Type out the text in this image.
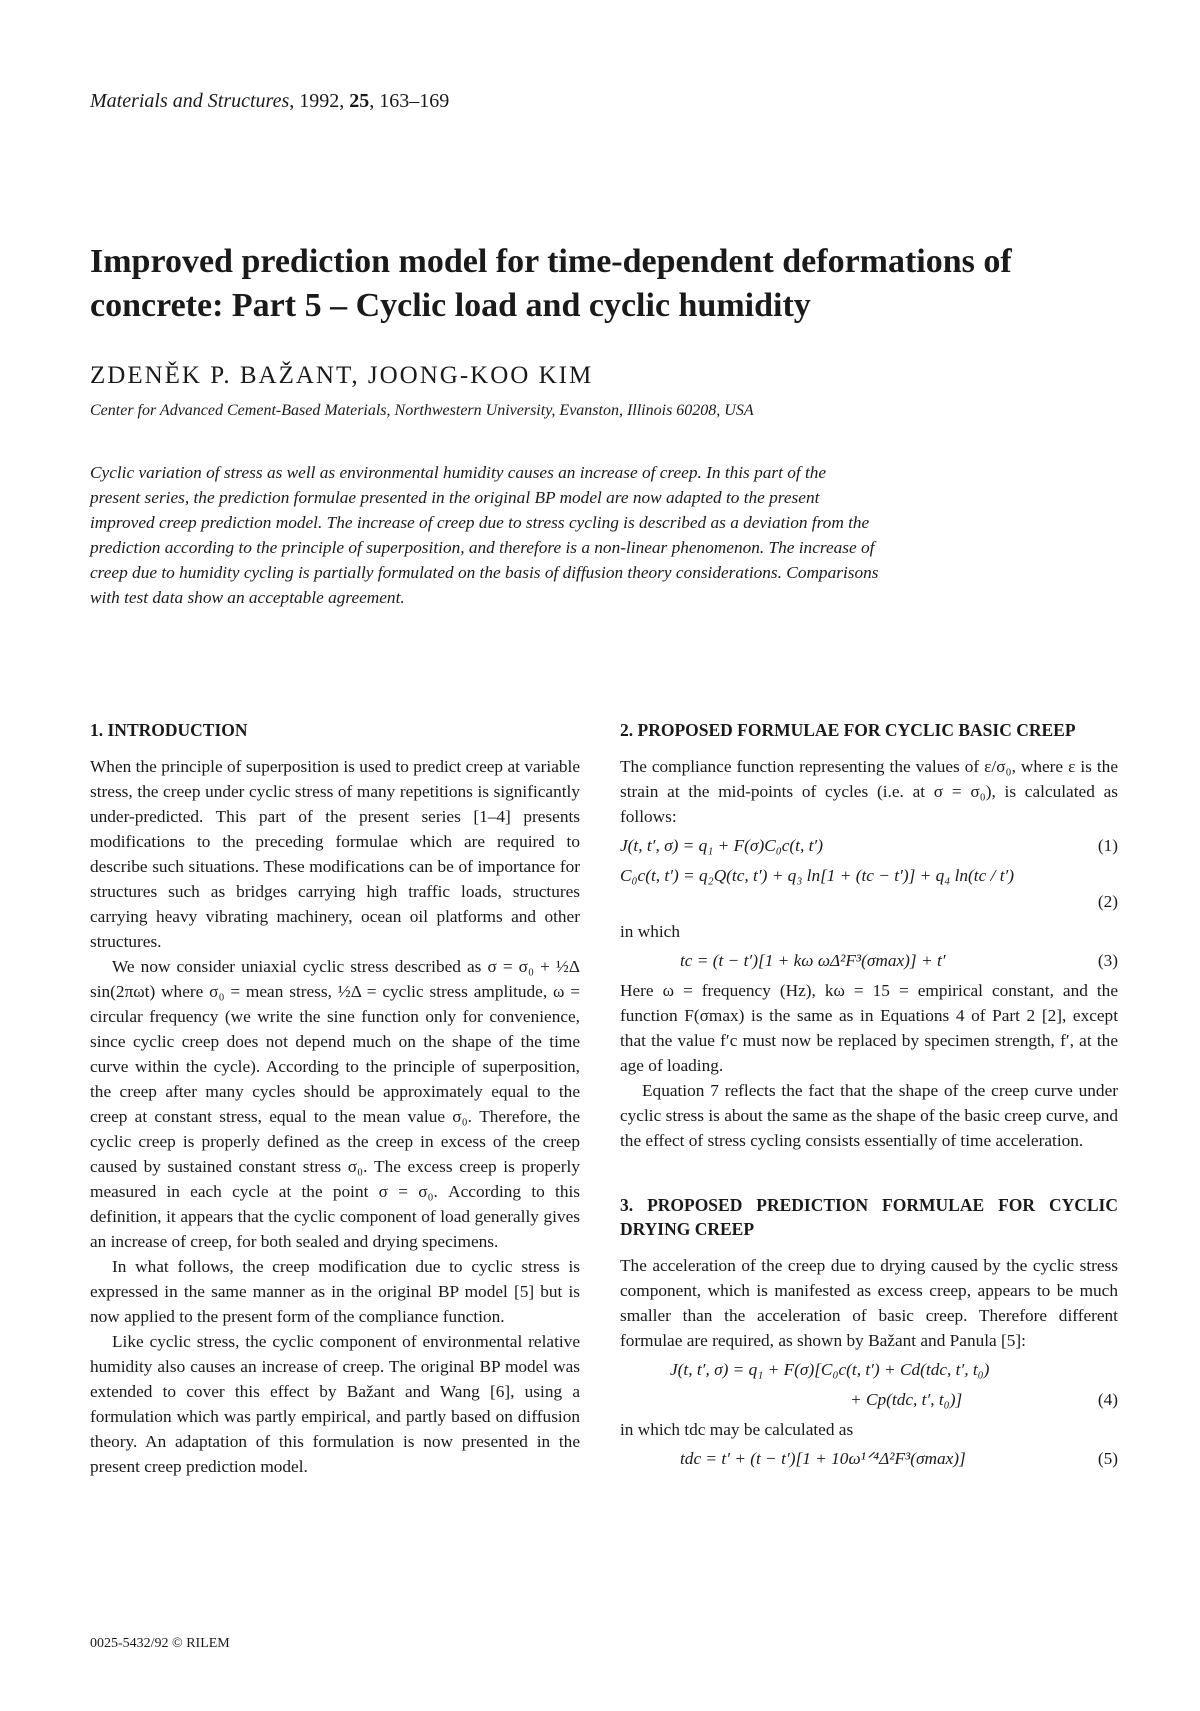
Materials and Structures, 1992, 25, 163–169
Improved prediction model for time-dependent deformations of concrete: Part 5 – Cyclic load and cyclic humidity
ZDENĚK P. BAŽANT, JOONG-KOO KIM
Center for Advanced Cement-Based Materials, Northwestern University, Evanston, Illinois 60208, USA
Cyclic variation of stress as well as environmental humidity causes an increase of creep. In this part of the present series, the prediction formulae presented in the original BP model are now adapted to the present improved creep prediction model. The increase of creep due to stress cycling is described as a deviation from the prediction according to the principle of superposition, and therefore is a non-linear phenomenon. The increase of creep due to humidity cycling is partially formulated on the basis of diffusion theory considerations. Comparisons with test data show an acceptable agreement.
1. INTRODUCTION

When the principle of superposition is used to predict creep at variable stress, the creep under cyclic stress of many repetitions is significantly under-predicted. This part of the present series [1–4] presents modifications to the preceding formulae which are required to describe such situations. These modifications can be of importance for structures such as bridges carrying high traffic loads, structures carrying heavy vibrating machinery, ocean oil platforms and other structures.

We now consider uniaxial cyclic stress described as σ = σ₀ + ½Δ sin(2πωt) where σ₀ = mean stress, ½Δ = cyclic stress amplitude, ω = circular frequency (we write the sine function only for convenience, since cyclic creep does not depend much on the shape of the time curve within the cycle). According to the principle of superposition, the creep after many cycles should be approximately equal to the creep at constant stress, equal to the mean value σ₀. Therefore, the cyclic creep is properly defined as the creep in excess of the creep caused by sustained constant stress σ₀. The excess creep is properly measured in each cycle at the point σ = σ₀. According to this definition, it appears that the cyclic component of load generally gives an increase of creep, for both sealed and drying specimens.

In what follows, the creep modification due to cyclic stress is expressed in the same manner as in the original BP model [5] but is now applied to the present form of the compliance function.

Like cyclic stress, the cyclic component of environmental relative humidity also causes an increase of creep. The original BP model was extended to cover this effect by Bažant and Wang [6], using a formulation which was partly empirical, and partly based on diffusion theory. An adaptation of this formulation is now presented in the present creep prediction model.

2. PROPOSED FORMULAE FOR CYCLIC BASIC CREEP

The compliance function representing the values of ε/σ₀, where ε is the strain at the mid-points of cycles (i.e. at σ = σ₀), is calculated as follows:

J(t, t′, σ) = q₁ + F(σ)C₀c(t, t′)	(1)
C₀c(t, t′) = q₂Q(tc, t′) + q₃ ln[1 + (tc − t′)] + q₄ ln(tc / t′)
(2)

in which

tc = (t − t′)[1 + kω ωΔ²F³(σmax)] + t′	(3)

Here ω = frequency (Hz), kω = 15 = empirical constant, and the function F(σmax) is the same as in Equations 4 of Part 2 [2], except that the value f′c must now be replaced by specimen strength, f′, at the age of loading.

Equation 7 reflects the fact that the shape of the creep curve under cyclic stress is about the same as the shape of the basic creep curve, and the effect of stress cycling consists essentially of time acceleration.

3. PROPOSED PREDICTION FORMULAE FOR CYCLIC DRYING CREEP

The acceleration of the creep due to drying caused by the cyclic stress component, which is manifested as excess creep, appears to be much smaller than the acceleration of basic creep. Therefore different formulae are required, as shown by Bažant and Panula [5]:

J(t, t′, σ) = q₁ + F(σ)[C₀c(t, t′) + Cd(tdc, t′, t₀)
+ Cp(tdc, t′, t₀)]	(4)

in which tdc may be calculated as

tdc = t′ + (t − t′)[1 + 10ω¹ᐟ⁴Δ²F³(σmax)]	(5)
0025-5432/92 © RILEM
